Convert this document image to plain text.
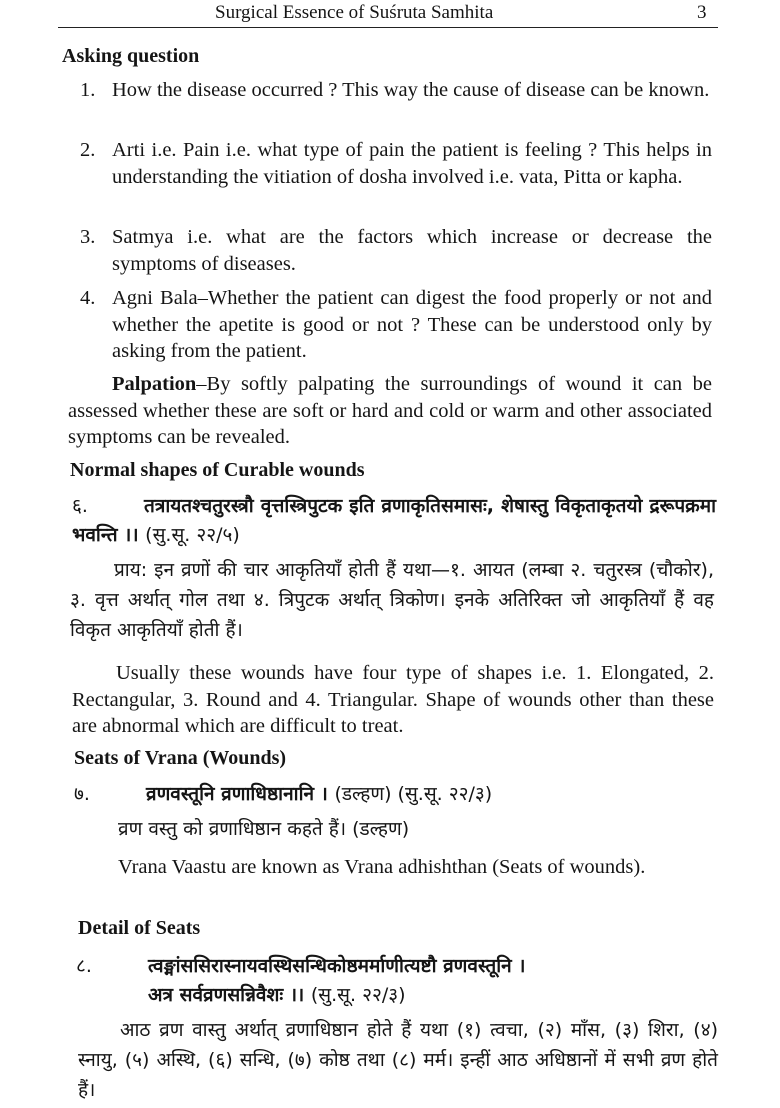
Surgical Essence of Suśruta Samhita	3
Asking question
1. How the disease occurred ? This way the cause of disease can be known.
2. Arti i.e. Pain i.e. what type of pain the patient is feeling ? This helps in understanding the vitiation of dosha involved i.e. vata, Pitta or kapha.
3. Satmya i.e. what are the factors which increase or decrease the symptoms of diseases.
4. Agni Bala–Whether the patient can digest the food properly or not and whether the apetite is good or not ? These can be understood only by asking from the patient.
Palpation–By softly palpating the surroundings of wound it can be assessed whether these are soft or hard and cold or warm and other associated symptoms can be revealed.
Normal shapes of Curable wounds
६.	तत्रायतश्चतुरस्त्रौ वृत्तस्त्रिपुटक इति व्रणाकृतिसमासः, शेषास्तु विकृताकृतयो द्ररूपक्रमा भवन्ति ।। (सु.सू. २२/५)
प्राय: इन व्रणों की चार आकृतियाँ होती हैं यथा—१. आयत (लम्बा २. चतुरस्त्र (चौकोर), ३. वृत्त अर्थात् गोल तथा ४. त्रिपुटक अर्थात् त्रिकोण। इनके अतिरिक्त जो आकृतियाँ हैं वह विकृत आकृतियाँ होती हैं।
Usually these wounds have four type of shapes i.e. 1. Elongated, 2. Rectangular, 3. Round and 4. Triangular. Shape of wounds other than these are abnormal which are difficult to treat.
Seats of Vrana (Wounds)
७.	व्रणवस्तूनि व्रणाधिष्ठानानि । (डल्हण) (सु.सू. २२/३)
व्रण वस्तु को व्रणाधिष्ठान कहते हैं। (डल्हण)
Vrana Vaastu are known as Vrana adhishthan (Seats of wounds).
Detail of Seats
८.	त्वङ्मांससिरास्नायवस्थिसन्धिकोष्ठमर्माणीत्यष्टौ व्रणवस्तूनि ।
अत्र सर्वव्रणसन्निवैशः ।। (सु.सू. २२/३)
आठ व्रण वास्तु अर्थात् व्रणाधिष्ठान होते हैं यथा (१) त्वचा, (२) माँस, (३) शिरा, (४) स्नायु, (५) अस्थि, (६) सन्धि, (७) कोष्ठ तथा (८) मर्म। इन्हीं आठ अधिष्ठानों में सभी व्रण होते हैं।
